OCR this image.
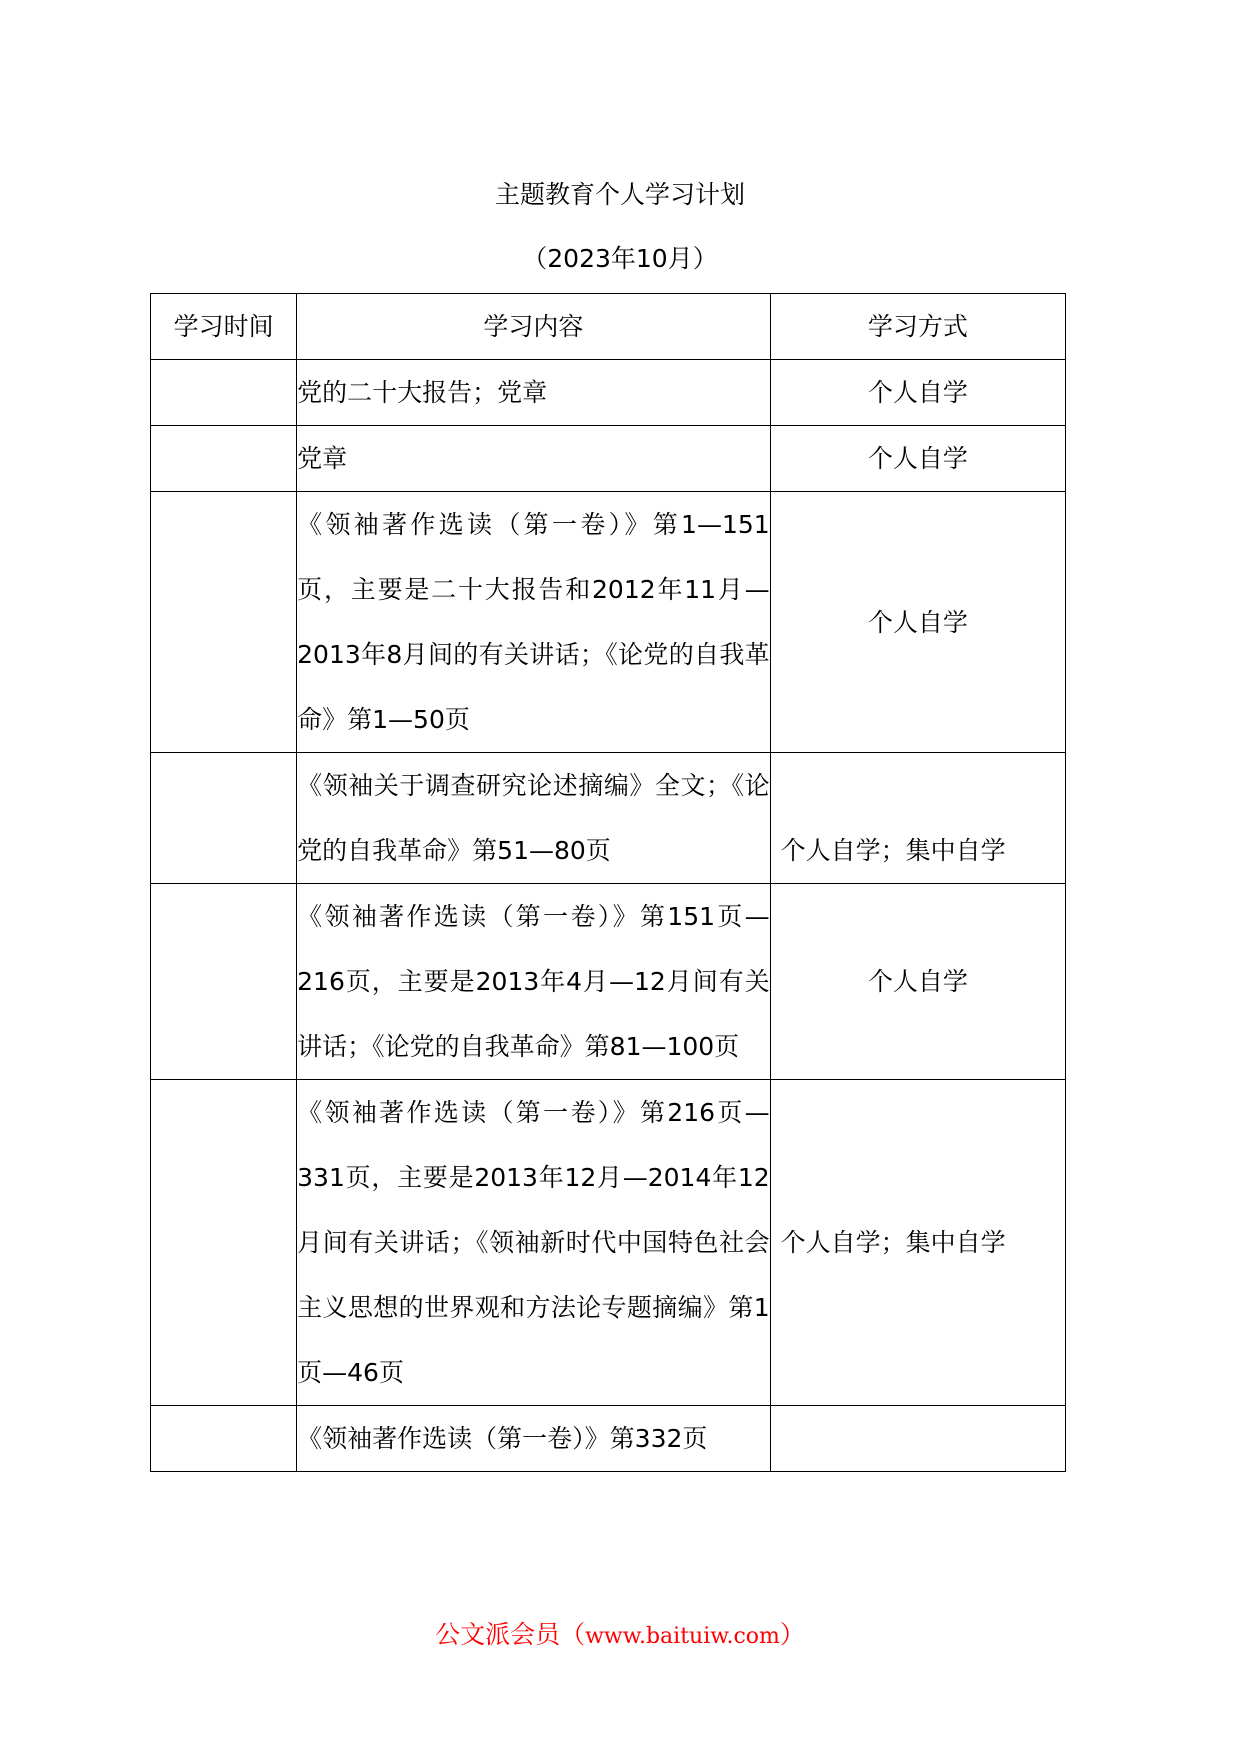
主题教育个人学习计划
（2023年10月）
学习时间	学习内容	学习方式
	党的二十大报告；党章	个人自学
	党章	个人自学
	《领袖著作选读（第一卷）》第1—151页，主要是二十大报告和2012年11月—2013年8月间的有关讲话；《论党的自我革命》第1—50页	个人自学
	《领袖关于调查研究论述摘编》全文；《论党的自我革命》第51—80页	个人自学；集中自学
	《领袖著作选读（第一卷）》第151页—216页，主要是2013年4月—12月间有关讲话；《论党的自我革命》第81—100页	个人自学
	《领袖著作选读（第一卷）》第216页—331页，主要是2013年12月—2014年12月间有关讲话；《领袖新时代中国特色社会主义思想的世界观和方法论专题摘编》第1页—46页	个人自学；集中自学
	《领袖著作选读（第一卷）》第332页	
公文派会员（www.baituiw.com）
